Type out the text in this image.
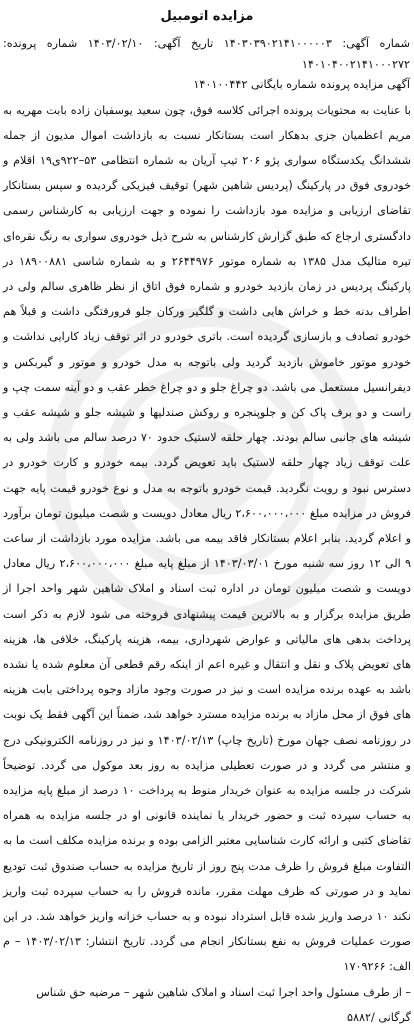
مزایده اتومبیل
شماره آگهی: ۱۴۰۳۰۳۹۰۲۱۴۱۰۰۰۰۰۳ تاریخ آگهی: ۱۴۰۳/۰۲/۱۰ شماره پرونده: ۱۴۰۱۰۴۰۰۲۱۴۱۰۰۰۲۷۲
آگهی مزایده پرونده شماره بایگانی ۱۴۰۱۰۰۴۴۲

با عنایت به محتویات پرونده اجرائی کلاسه فوق، چون سعید یوسفیان زاده بابت مهریه به مریم اعظمیان جزی بدهکار است بستانکار نسبت به بازداشت اموال مدیون از جمله ششدانگ یکدستگاه سواری پژو ۲۰۶ تیپ آریان به شماره انتظامی ۵۳–۹۲۲ی۱۹ اقلام و خودروی فوق در پارکینگ (پردیس شاهین شهر) توقیف فیزیکی گردیده و سپس بستانکار تقاضای ارزیابی و مزایده مود بازداشت را نموده و جهت ارزیابی به کارشناس رسمی دادگستری ارجاع که طبق گزارش کارشناس به شرح ذیل خودروی سواری به رنگ نقره‌ای تیره متالیک مدل ۱۳۸۵ به شماره موتور ۲۶۴۴۹۷۶ و به شماره شاسی ۱۸۹۰۰۸۸۱ در پارکینگ پردیس در زمان بازدید خودرو و شماره فوق اتاق از نظر ظاهری سالم ولی در اطراف بدنه خط و خراش هایی داشت و گلگیر ورکان جلو فرورفتگی داشت و قبلاً هم خودرو تصادف و بازسازی گردیده است. باتری خودرو در اثر توقف زیاد کارایی نداشت و خودرو موتور خاموش بازدید گردید ولی باتوجه به مدل خودرو و موتور و گیربکس و دیفرانسیل مستعمل می باشد. دو چراغ جلو و دو چراغ خطر عقب و دو آینه سمت چپ و راست و دو برف پاک کن و جلوپنجره و روکش صندلیها و شیشه جلو و شیشه عقب و شیشه های جانبی سالم بودند. چهار حلقه لاستیک حدود ۷۰ درصد سالم می باشد ولی به علت توقف زیاد چهار حلقه لاستیک باید تعویض گردد. بیمه خودرو و کارت خودرو در دسترس نبود و رویت نگردید. قیمت خودرو باتوجه به مدل و نوع خودرو قیمت پایه جهت فروش در مزایده مبلغ ۲،۶۰۰،۰۰۰،۰۰۰ ریال معادل دویست و شصت میلیون تومان برآورد و اعلام گردید. بنابر اعلام بستانکار فاقد بیمه می باشد. مزایده مورد بازداشت از ساعت ۹ الی ۱۲ روز سه شنبه مورخ ۱۴۰۳/۰۳/۰۱ از مبلغ پایه مبلغ ۲،۶۰۰،۰۰۰،۰۰۰ ریال معادل دویست و شصت میلیون تومان در اداره ثبت اسناد و املاک شاهین شهر واحد اجرا از طریق مزایده برگزار و به بالاترین قیمت پیشنهادی فروخته می شود لازم به ذکر است پرداخت بدهی های مالیاتی و عوارض شهرداری، بیمه، هزینه پارکینگ، خلافی ها، هزینه های تعویض پلاک و نقل و انتقال و غیره اعم از اینکه رقم قطعی آن معلوم شده یا نشده باشد به عهده برنده مزایده است و نیز در صورت وجود مازاد وجوه پرداختی بابت هزینه های فوق از محل مازاد به برنده مزایده مسترد خواهد شد، ضمناً این آگهی فقط یک نوبت در روزنامه نصف جهان مورخ (تاریخ چاپ) ۱۴۰۳/۰۲/۱۳ و نیز در روزنامه الکترونیکی درج و منتشر می گردد و در صورت تعطیلی مزایده به روز بعد موکول می گردد. توضیحاً شرکت در جلسه مزایده به عنوان خریدار منوط به پرداخت ۱۰ درصد از مبلغ پایه مزایده به حساب سپرده ثبت و حضور خریدار یا نماینده قانونی او در جلسه مزایده به همراه تقاضای کتبی و ارائه کارت شناسایی معتبر الزامی بوده و برنده مزایده مکلف است ما به التفاوت مبلغ فروش را ظرف مدت پنج روز از تاریخ مزایده به حساب صندوق ثبت تودیع نماید و در صورتی که ظرف مهلت مقرر، مانده فروش را به حساب سپرده ثبت واریز نکند ۱۰ درصد واریز شده قابل استرداد نبوده و به حساب خزانه واریز خواهد شد. در این صورت عملیات فروش به نفع بستانکار انجام می گردد. تاریخ انتشار: ۱۴۰۳/۰۲/۱۳ – م الف: ۱۷۰۹۲۶۶

– از طرف مسئول واحد اجرا ثبت اسناد و املاک شاهین شهر – مرضیه حق شناس

گرگانی /۵۸۸۲
